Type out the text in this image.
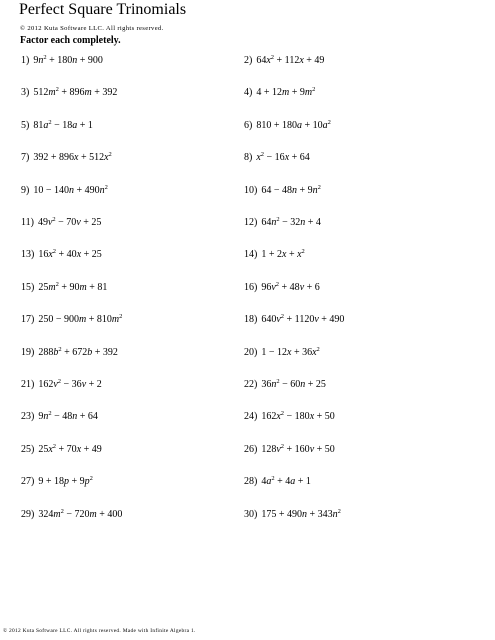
Perfect Square Trinomials
© 2012 Kuta Software LLC. All rights reserved.
Factor each completely.
1) $9n^2 + 180n + 900$	2) $64x^2 + 112x + 49$
3) $512m^2 + 896m + 392$	4) $4 + 12m + 9m^2$
5) $81a^2 - 18a + 1$	6) $810 + 180a + 10a^2$
7) $392 + 896x + 512x^2$	8) $x^2 - 16x + 64$
9) $10 - 140n + 490n^2$	10) $64 - 48n + 9n^2$
11) $49v^2 - 70v + 25$	12) $64n^2 - 32n + 4$
13) $16x^2 + 40x + 25$	14) $1 + 2x + x^2$
15) $25m^2 + 90m + 81$	16) $96v^2 + 48v + 6$
17) $250 - 900m + 810m^2$	18) $640v^2 + 1120v + 490$
19) $288b^2 + 672b + 392$	20) $1 - 12x + 36x^2$
21) $162v^2 - 36v + 2$	22) $36n^2 - 60n + 25$
23) $9n^2 - 48n + 64$	24) $162x^2 - 180x + 50$
25) $25x^2 + 70x + 49$	26) $128v^2 + 160v + 50$
27) $9 + 18p + 9p^2$	28) $4a^2 + 4a + 1$
29) $324m^2 - 720m + 400$	30) $175 + 490n + 343n^2$
© 2012 Kuta Software LLC. All rights reserved. Made with Infinite Algebra 1.
